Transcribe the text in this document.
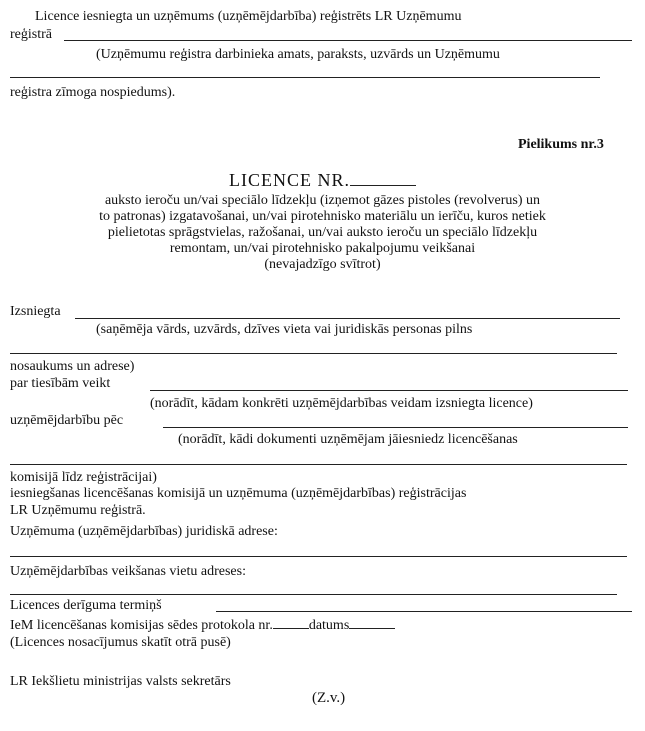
Licence iesniegta un uzņēmums (uzņēmējdarbība) reģistrēts LR Uzņēmumu
reģistrā
(Uzņēmumu reģistra darbinieka amats, paraksts, uzvārds un Uzņēmumu
reģistra zīmoga nospiedums).
Pielikums nr.3
LICENCE NR.
auksto ieroču un/vai speciālo līdzekļu (izņemot gāzes pistoles (revolverus) un
to patronas) izgatavošanai, un/vai pirotehnisko materiālu un ierīču, kuros netiek
pielietotas sprāgstvielas, ražošanai, un/vai auksto ieroču un speciālo līdzekļu
remontam, un/vai pirotehnisko pakalpojumu veikšanai
(nevajadzīgo svītrot)
Izsniegta
(saņēmēja vārds, uzvārds, dzīves vieta vai juridiskās personas pilns
nosaukums un adrese)
par tiesībām veikt
(norādīt, kādam konkrēti uzņēmējdarbības veidam izsniegta licence)
uzņēmējdarbību pēc
(norādīt, kādi dokumenti uzņēmējam jāiesniedz licencēšanas
komisijā līdz reģistrācijai)
iesniegšanas licencēšanas komisijā un uzņēmuma (uzņēmējdarbības) reģistrācijas
LR Uzņēmumu reģistrā.
Uzņēmuma (uzņēmējdarbības) juridiskā adrese:
Uzņēmējdarbības veikšanas vietu adreses:
Licences derīguma termiņš
IeM licencēšanas komisijas sēdes protokola nr.	datums
(Licences nosacījumus skatīt otrā pusē)
LR Iekšlietu ministrijas valsts sekretārs
(Z.v.)
